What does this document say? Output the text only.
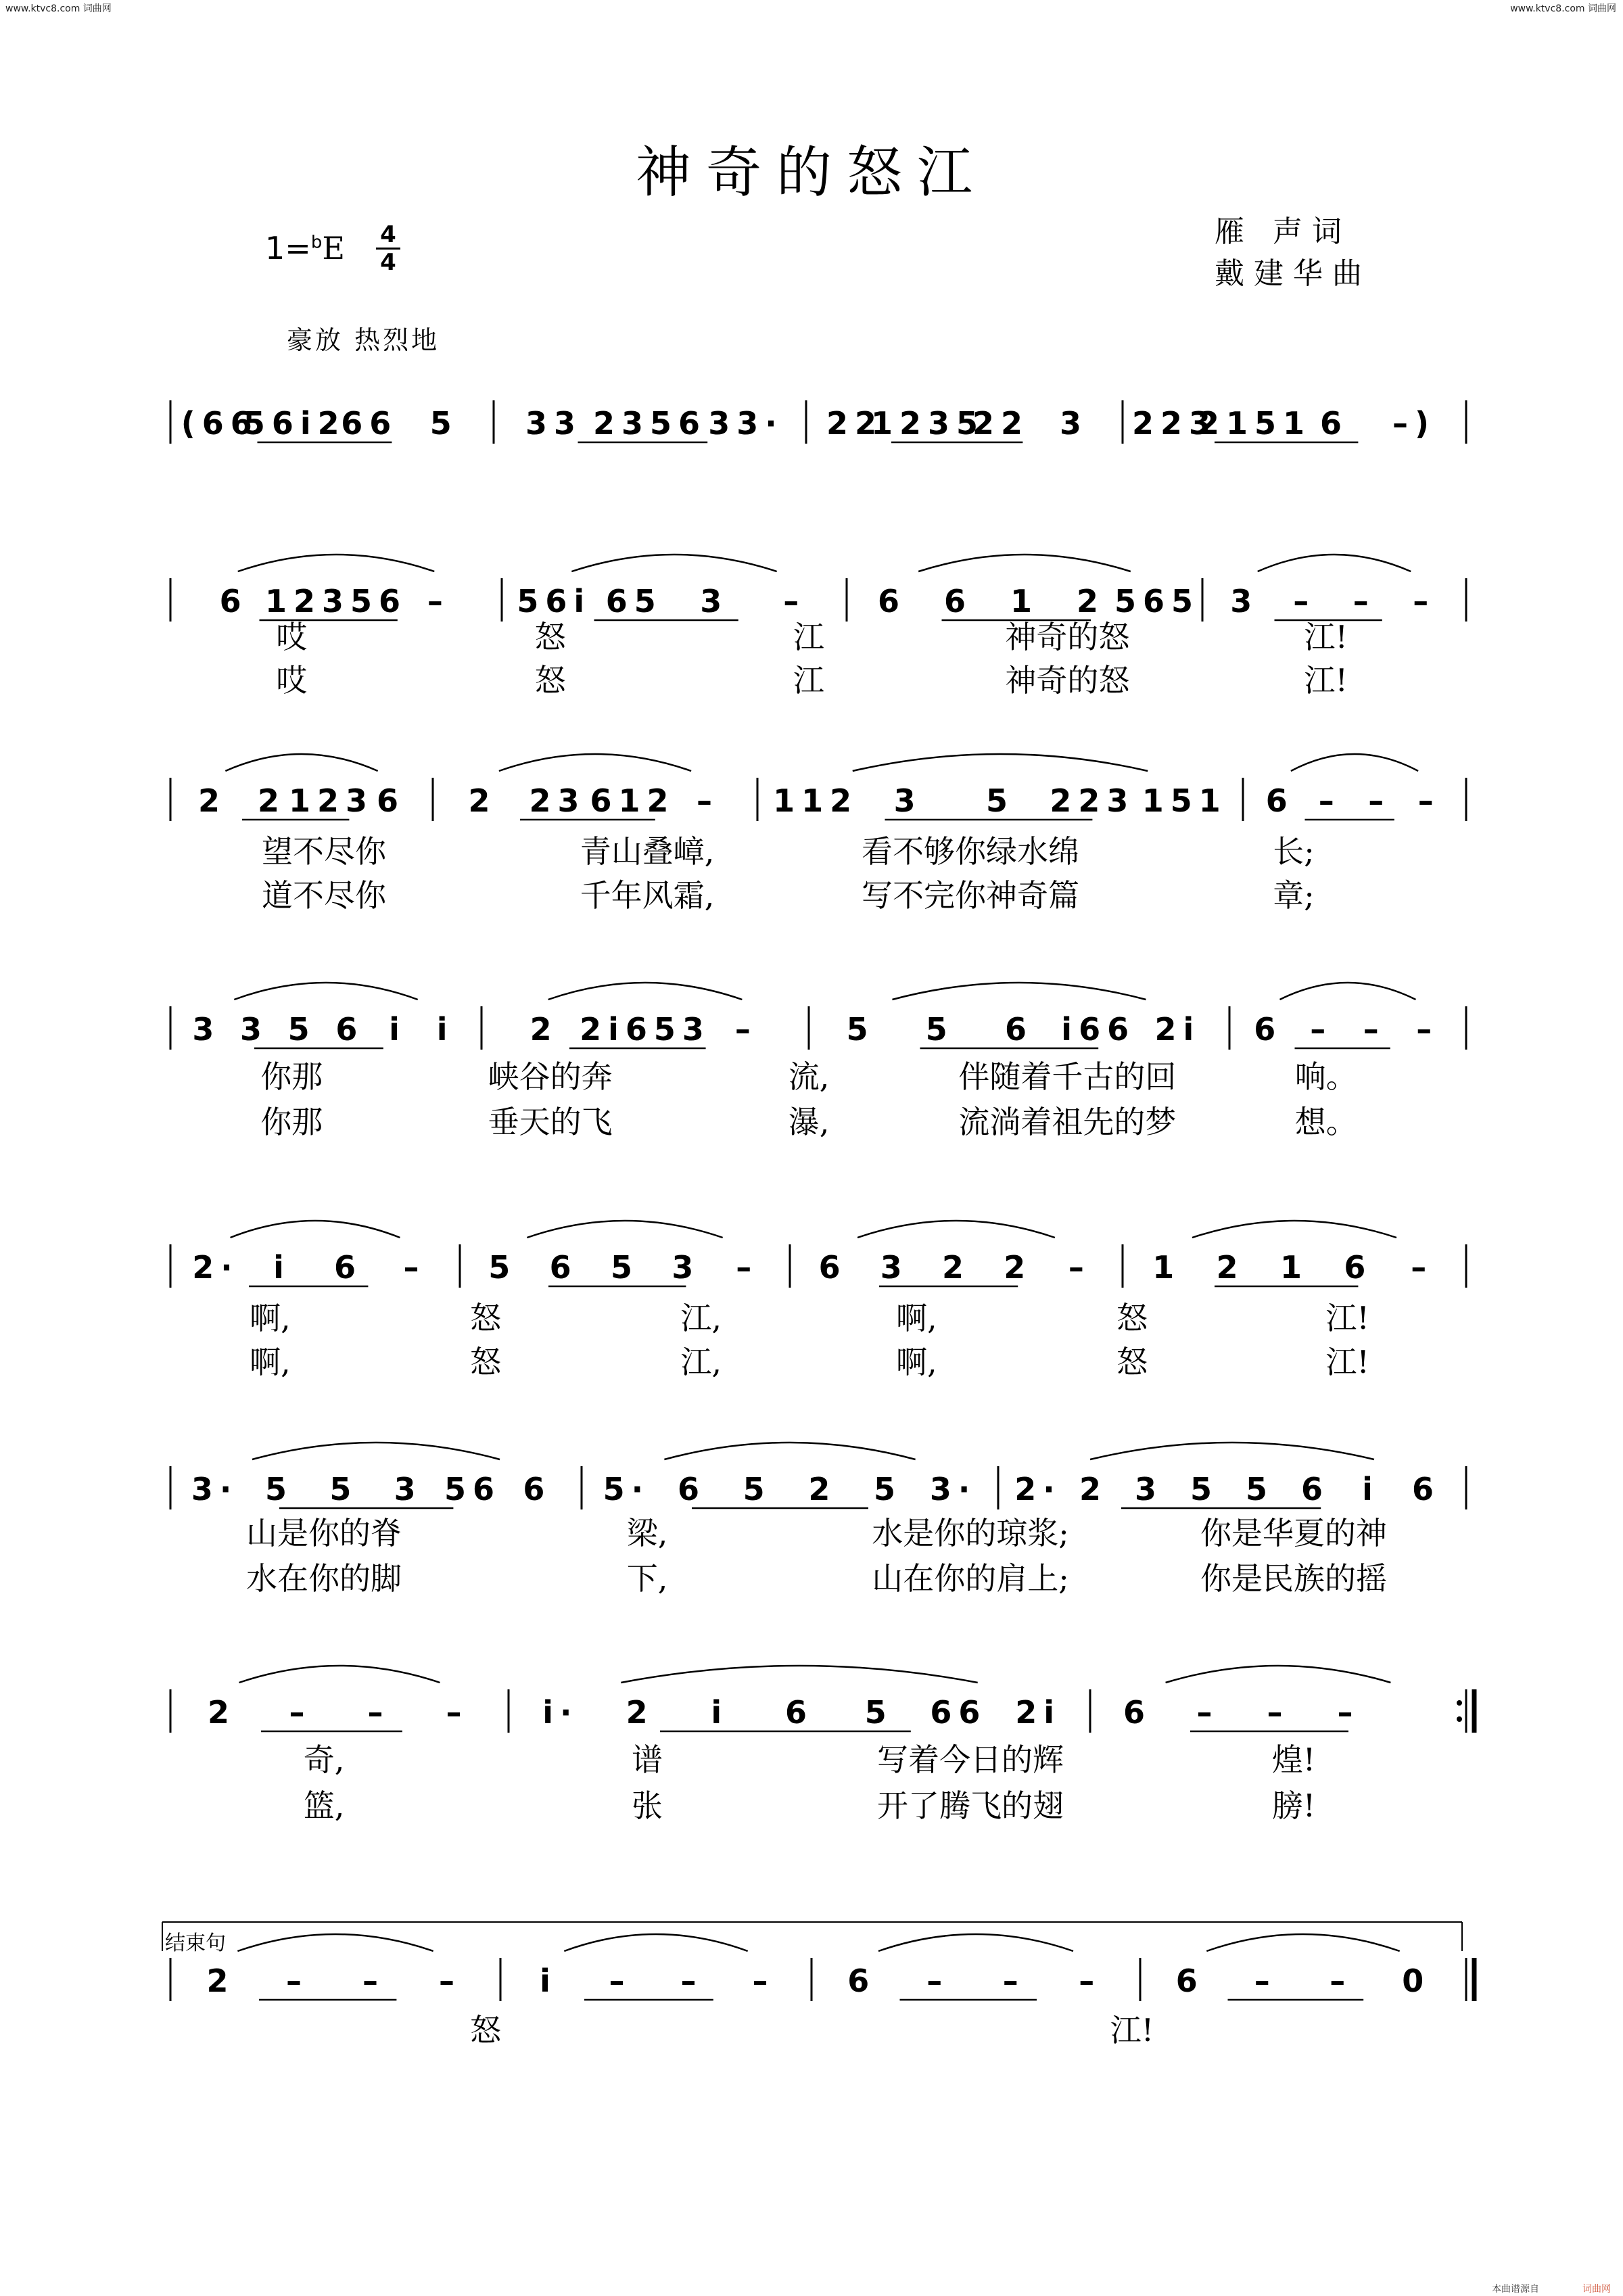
www.ktvc8.com 词曲网	www.ktvc8.com 词曲网
神奇的怒江
1=$^b$E 4
4
雁 声词
戴建华曲
豪放 热烈地
结束句
(66
56i2
66 5 33 2356 33· 22
1235
22 3 223
2151 6 –)
6 12356 – 56i 65 3 – 6 6 1 2 565 3 – – –
哎	怒	江	神奇的怒	江!
哎	怒	江	神奇的怒	江!
2 2 123 6 2 23 612 – 112 3 5 223 151 6 – – –
望不尽你	青山叠嶂,	看不够你绿水绵	长;
道不尽你	千年风霜,	写不完你神奇篇	章;
3 3 5 6 i i 2 2i653 –	5 5 6 i66 2i 6 – – –
你那	峡谷的奔	流,	伴随着千古的回	响。
你那	垂天的飞	瀑,	流淌着祖先的梦	想。
2· i 6 – 5 6 5 3 – 6 3 2 2 – 1 2 1 6 –
啊,	怒	江,	啊,	怒	江!
啊,	怒	江,	啊,	怒	江!
3· 5 5 3 56 6 5· 6 5 2 5 3· 2· 2 3 5 5 6 i 6
山是你的脊	梁,	水是你的琼浆;	你是华夏的神
水在你的脚	下,	山在你的肩上;	你是民族的摇
2 – – – i· 2 i 6 5 66 2i 6 – – –
奇,	谱	写着今日的辉	煌!
篮,	张	开了腾飞的翅	膀!
2 – – –	i – – – 6 – – – 6 – – 0
怒	江!
本曲谱源自	词曲网
